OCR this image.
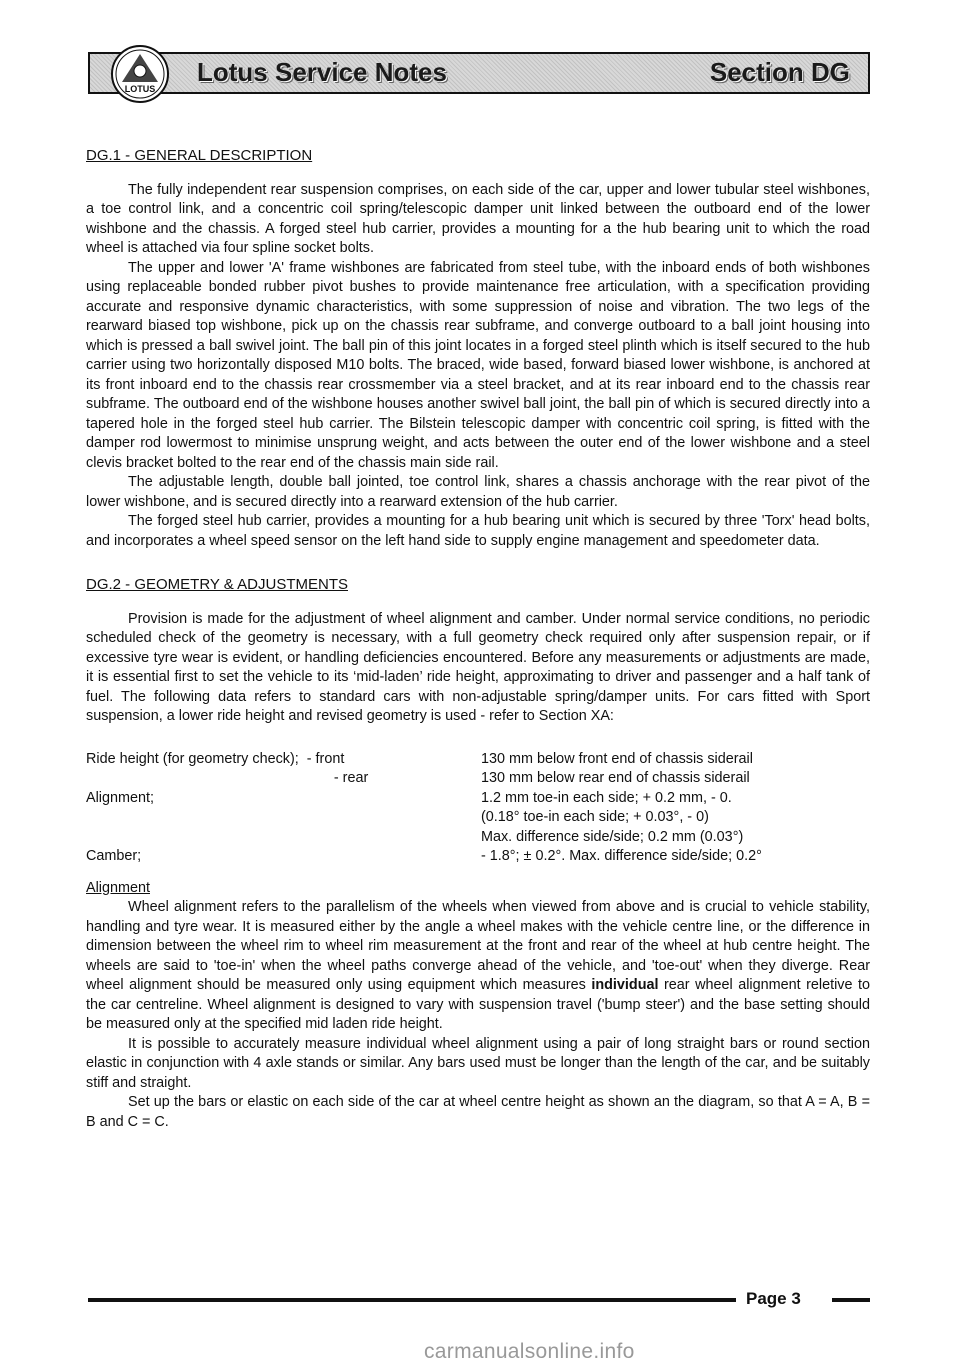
Lotus Service Notes	Section DG
LOTUS
DG.1 - GENERAL DESCRIPTION

The fully independent rear suspension comprises, on each side of the car, upper and lower tubular steel wishbones, a toe control link, and a concentric coil spring/telescopic damper unit linked between the outboard end of the lower wishbone and the chassis. A forged steel hub carrier, provides a mounting for a the hub bearing unit to which the road wheel is attached via four spline socket bolts.

The upper and lower 'A' frame wishbones are fabricated from steel tube, with the inboard ends of both wishbones using replaceable bonded rubber pivot bushes to provide maintenance free articulation, with a specification providing accurate and responsive dynamic characteristics, with some suppression of noise and vibration. The two legs of the rearward biased top wishbone, pick up on the chassis rear subframe, and converge outboard to a ball joint housing into which is pressed a ball swivel joint. The ball pin of this joint locates in a forged steel plinth which is itself secured to the hub carrier using two horizontally disposed M10 bolts. The braced, wide based, forward biased lower wishbone, is anchored at its front inboard end to the chassis rear crossmember via a steel bracket, and at its rear inboard end to the chassis rear subframe. The outboard end of the wishbone houses another swivel ball joint, the ball pin of which is secured directly into a tapered hole in the forged steel hub carrier. The Bilstein telescopic damper with concentric coil spring, is fitted with the damper rod lowermost to minimise unsprung weight, and acts between the outer end of the lower wishbone and a steel clevis bracket bolted to the rear end of the chassis main side rail.

The adjustable length, double ball jointed, toe control link, shares a chassis anchorage with the rear pivot of the lower wishbone, and is secured directly into a rearward extension of the hub carrier.

The forged steel hub carrier, provides a mounting for a hub bearing unit which is secured by three 'Torx' head bolts, and incorporates a wheel speed sensor on the left hand side to supply engine management and speedometer data.

DG.2 - GEOMETRY & ADJUSTMENTS

Provision is made for the adjustment of wheel alignment and camber. Under normal service conditions, no periodic scheduled check of the geometry is necessary, with a full geometry check required only after suspension repair, or if excessive tyre wear is evident, or handling deficiencies encountered. Before any measurements or adjustments are made, it is essential first to set the vehicle to its ‘mid-laden’ ride height, approximating to driver and passenger and a half tank of fuel. The following data refers to standard cars with non-adjustable spring/damper units. For cars fitted with Sport suspension, a lower ride height and revised geometry is used - refer to Section XA:

Ride height (for geometry check);  - front	130 mm below front end of chassis siderail
- rear	130 mm below rear end of chassis siderail
Alignment;	1.2 mm toe-in each side; + 0.2 mm, - 0.
(0.18° toe-in each side; + 0.03°, - 0)
Max. difference side/side; 0.2 mm (0.03°)
Camber;	- 1.8°; ± 0.2°. Max. difference side/side; 0.2°
Alignment

Wheel alignment refers to the parallelism of the wheels when viewed from above and is crucial to vehicle stability, handling and tyre wear. It is measured either by the angle a wheel makes with the vehicle centre line, or the difference in dimension between the wheel rim to wheel rim measurement at the front and rear of the wheel at hub centre height. The wheels are said to 'toe-in' when the wheel paths converge ahead of the vehicle, and 'toe-out' when they diverge. Rear wheel alignment should be measured only using equipment which measures individual rear wheel alignment reletive to the car centreline. Wheel alignment is designed to vary with suspension travel ('bump steer') and the base setting should be measured only at the specified mid laden ride height.

It is possible to accurately measure individual wheel alignment using a pair of long straight bars or round section elastic in conjunction with 4 axle stands or similar. Any bars used must be longer than the length of the car, and be suitably stiff and straight.

Set up the bars or elastic on each side of the car at wheel centre height as shown an the diagram, so that A = A, B = B and C = C.

Page 3
carmanualsonline.info
